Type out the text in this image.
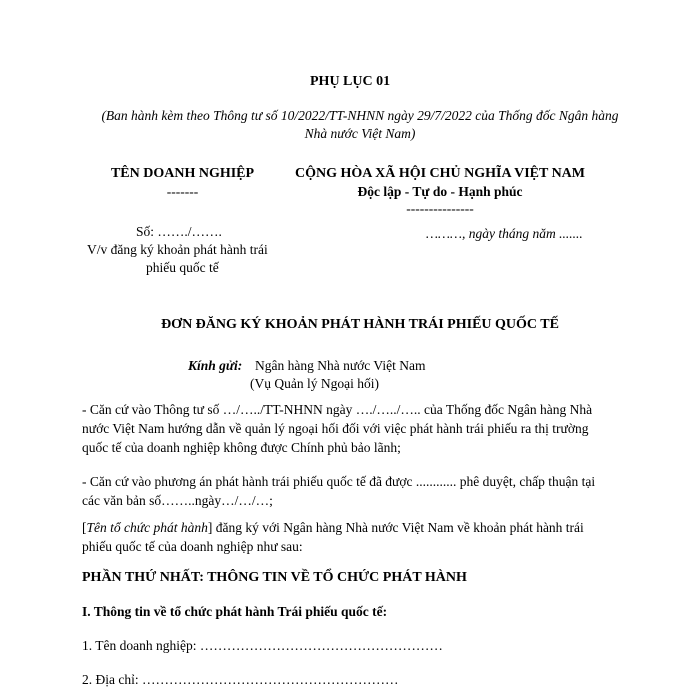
PHỤ LỤC 01
(Ban hành kèm theo Thông tư số 10/2022/TT-NHNN ngày 29/7/2022 của Thống đốc Ngân hàng
Nhà nước Việt Nam)
TÊN DOANH NGHIỆP
-------
Số: ……./…….
V/v đăng ký khoản phát hành trái
phiếu quốc tế
CỘNG HÒA XÃ HỘI CHỦ NGHĨA VIỆT NAM
Độc lập - Tự do - Hạnh phúc
---------------
………, ngày tháng năm .......
ĐƠN ĐĂNG KÝ KHOẢN PHÁT HÀNH TRÁI PHIẾU QUỐC TẾ
Kính gửi: Ngân hàng Nhà nước Việt Nam
(Vụ Quản lý Ngoại hối)
- Căn cứ vào Thông tư số …/…../TT-NHNN ngày …./…../….. của Thống đốc Ngân hàng Nhà
nước Việt Nam hướng dẫn về quản lý ngoại hối đối với việc phát hành trái phiếu ra thị trường
quốc tế của doanh nghiệp không được Chính phủ bảo lãnh;
- Căn cứ vào phương án phát hành trái phiếu quốc tế đã được ............ phê duyệt, chấp thuận tại
các văn bản số……..ngày…/…/…;
[Tên tổ chức phát hành] đăng ký với Ngân hàng Nhà nước Việt Nam về khoản phát hành trái
phiếu quốc tế của doanh nghiệp như sau:
PHẦN THỨ NHẤT: THÔNG TIN VỀ TỔ CHỨC PHÁT HÀNH
I. Thông tin về tổ chức phát hành Trái phiếu quốc tế:
1. Tên doanh nghiệp: ………………………………………………
2. Địa chỉ: …………………………………………………
